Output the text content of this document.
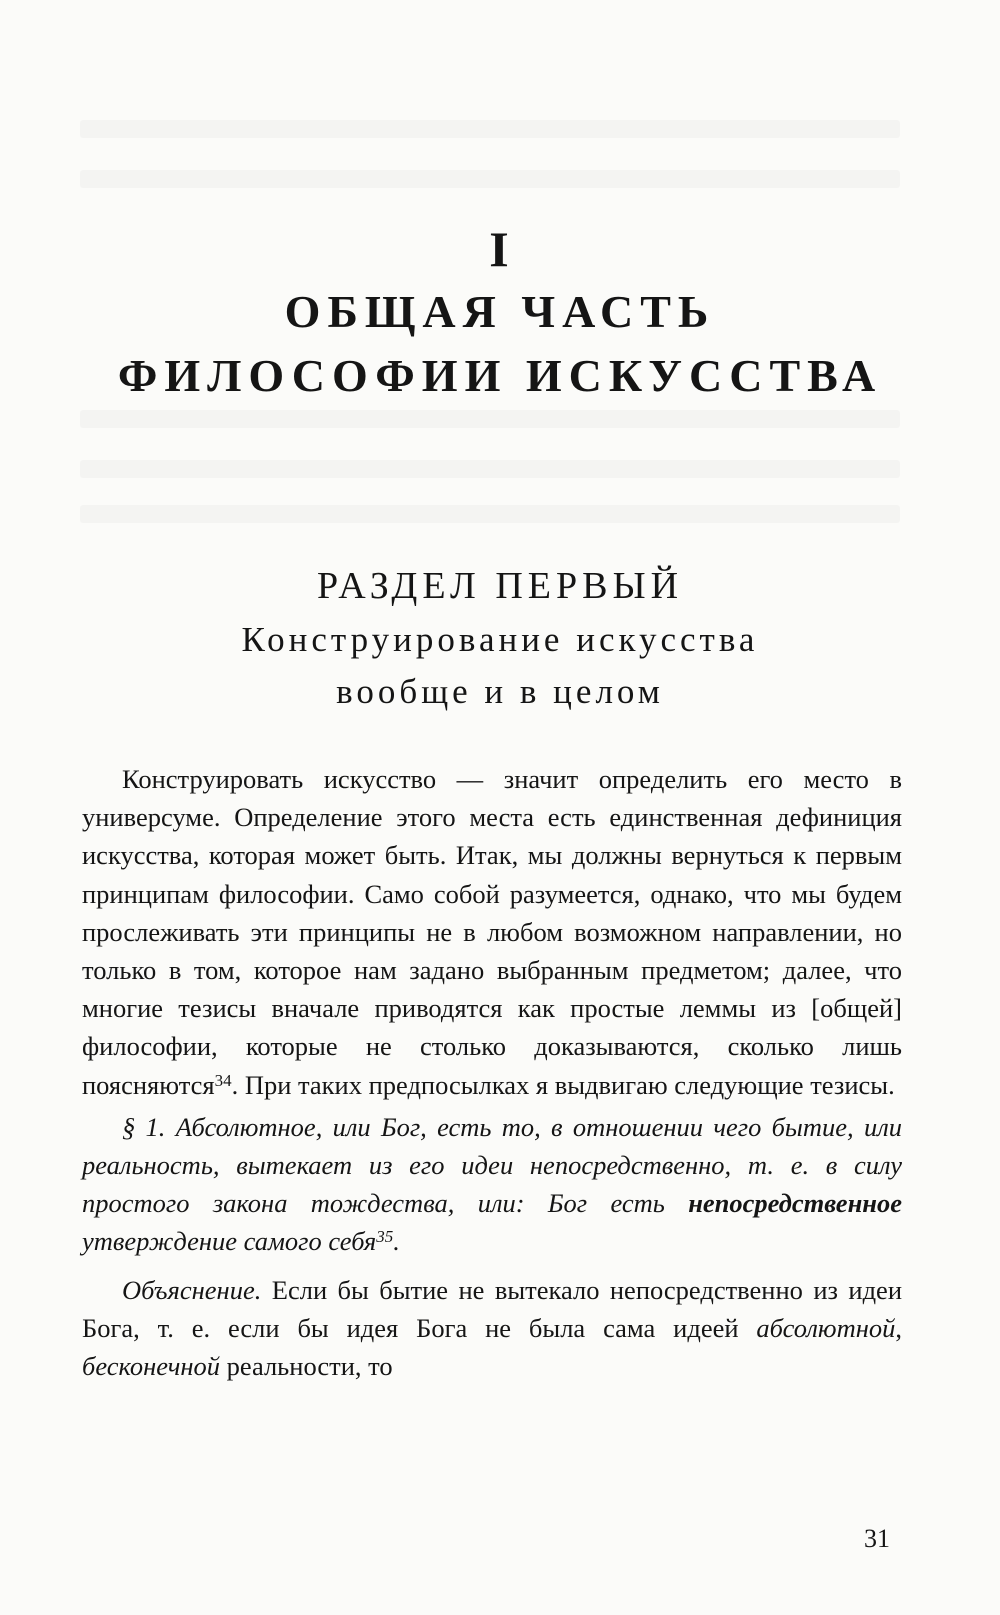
I
ОБЩАЯ ЧАСТЬ
ФИЛОСОФИИ ИСКУССТВА
РАЗДЕЛ ПЕРВЫЙ
Конструирование искусства
вообще и в целом

Конструировать искусство — значит определить его место в универсуме. Определение этого места есть единственная дефиниция искусства, которая может быть. Итак, мы должны вернуться к первым принципам философии. Само собой разумеется, однако, что мы будем прослеживать эти принципы не в любом возможном направлении, но только в том, которое нам задано выбранным предметом; далее, что многие тезисы вначале приводятся как простые леммы из [общей] философии, которые не столько доказываются, сколько лишь поясняются$^{34}$. При таких предпосылках я выдвигаю следующие тезисы.

§ 1. Абсолютное, или Бог, есть то, в отношении чего бытие, или реальность, вытекает из его идеи непосредственно, т. е. в силу простого закона тождества, или: Бог есть непосредственное утверждение самого себя$^{35}$.

Объяснение. Если бы бытие не вытекало непосредственно из идеи Бога, т. е. если бы идея Бога не была сама идеей абсолютной, бесконечной реальности, то

31
